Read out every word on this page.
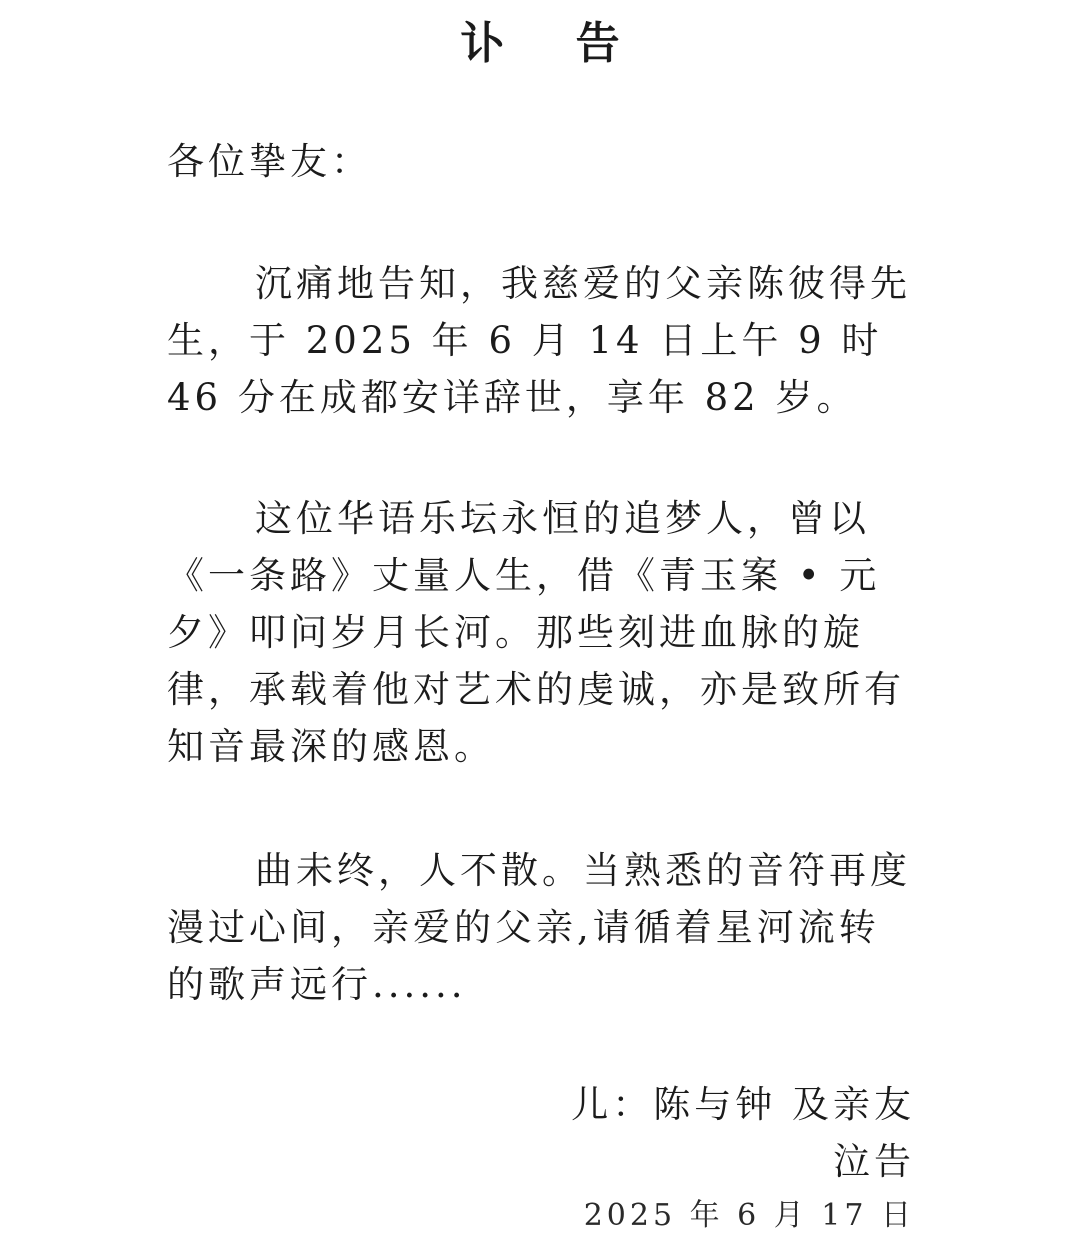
讣 告

各位挚友：

沉痛地告知，我慈爱的父亲陈彼得先生，于 2025 年 6 月 14 日上午 9 时 46 分在成都安详辞世，享年 82 岁。

这位华语乐坛永恒的追梦人，曾以《一条路》丈量人生，借《青玉案 • 元夕》叩问岁月长河。那些刻进血脉的旋律，承载着他对艺术的虔诚，亦是致所有知音最深的感恩。

曲未终，人不散。当熟悉的音符再度漫过心间，亲爱的父亲,请循着星河流转的歌声远行......

儿：陈与钟 及亲友
泣告
2025 年 6 月 17 日
